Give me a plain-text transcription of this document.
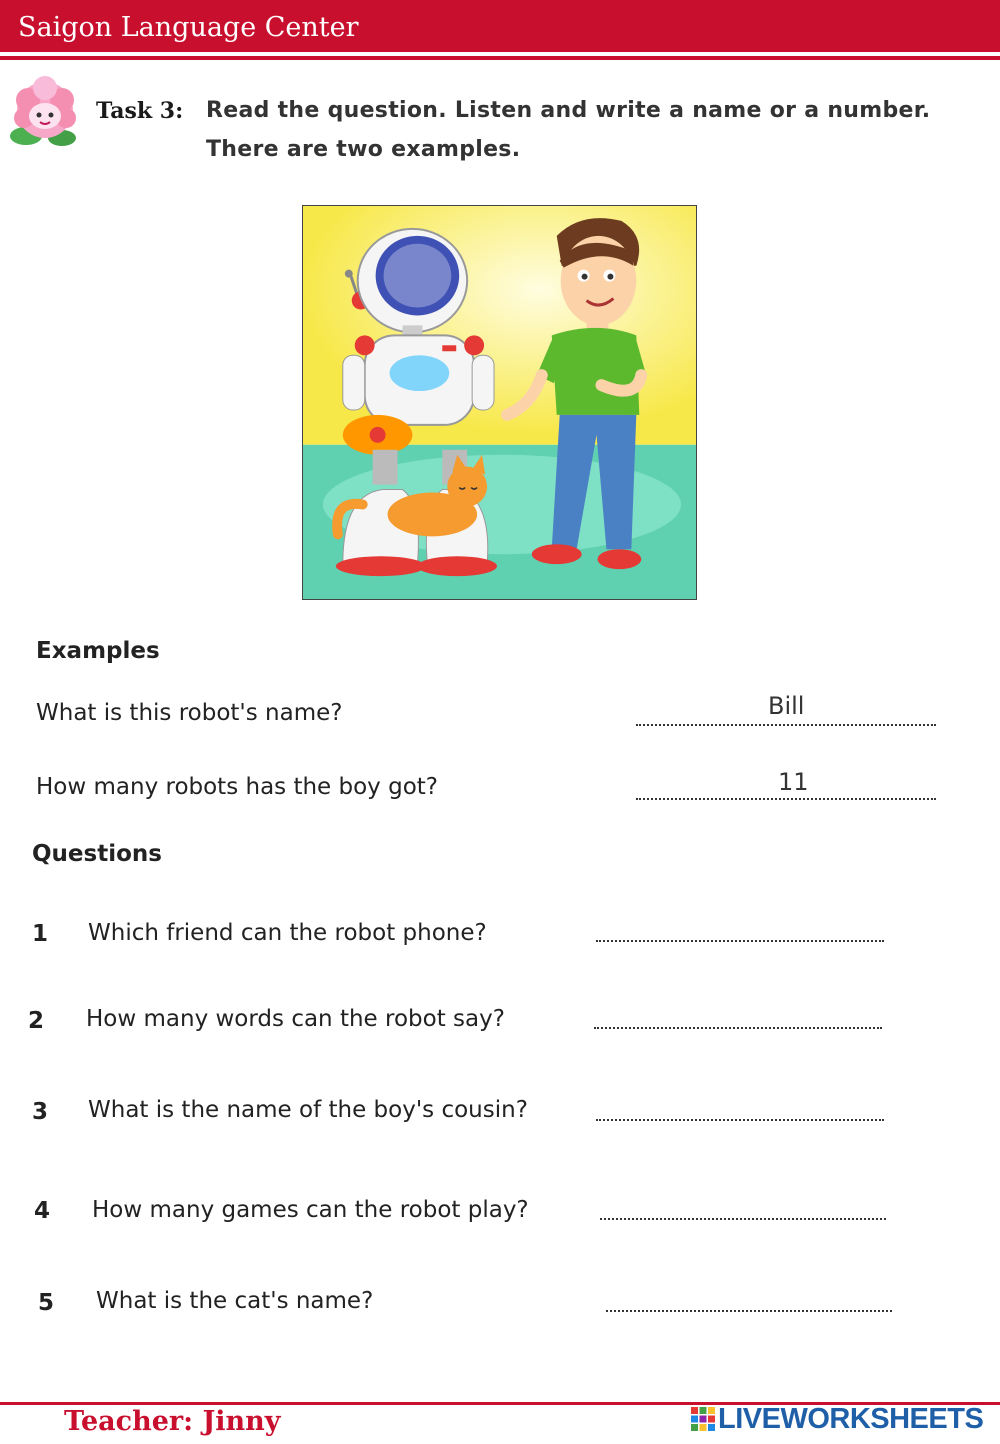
Saigon Language Center
Task 3: Read the question. Listen and write a name or a number.
There are two examples.
Examples
What is this robot's name?	Bill
How many robots has the boy got?	11
Questions
1 Which friend can the robot phone?
2 How many words can the robot say?
3 What is the name of the boy's cousin?
4 How many games can the robot play?
5 What is the cat's name?
Teacher: Jinny	LIVEWORKSHEETS
